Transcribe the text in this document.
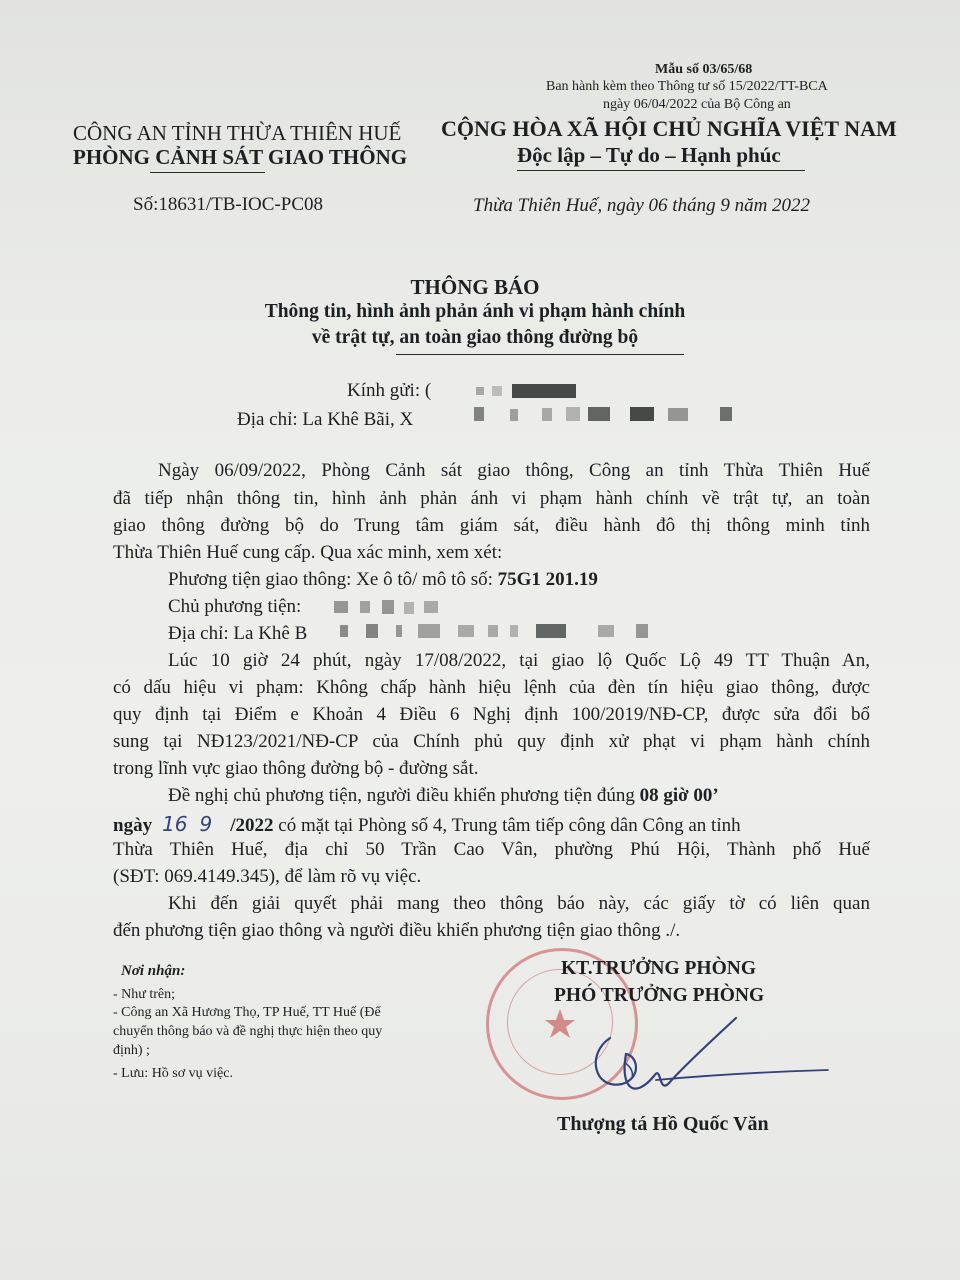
Mẫu số 03/65/68
Ban hành kèm theo Thông tư số 15/2022/TT-BCA
ngày 06/04/2022 của Bộ Công an
CÔNG AN TỈNH THỪA THIÊN HUẾ
PHÒNG CẢNH SÁT GIAO THÔNG
CỘNG HÒA XÃ HỘI CHỦ NGHĨA VIỆT NAM
Độc lập – Tự do – Hạnh phúc
Số:18631/TB-IOC-PC08	Thừa Thiên Huế, ngày 06 tháng 9 năm 2022
THÔNG BÁO
Thông tin, hình ảnh phản ánh vi phạm hành chính
về trật tự, an toàn giao thông đường bộ
Kính gửi: (
Địa chỉ: La Khê Bãi, X
Ngày 06/09/2022, Phòng Cảnh sát giao thông, Công an tỉnh Thừa Thiên Huế
đã tiếp nhận thông tin, hình ảnh phản ánh vi phạm hành chính về trật tự, an toàn
giao thông đường bộ do Trung tâm giám sát, điều hành đô thị thông minh tỉnh
Thừa Thiên Huế cung cấp. Qua xác minh, xem xét:
Phương tiện giao thông: Xe ô tô/ mô tô số: 75G1 201.19
Chủ phương tiện:
Địa chỉ: La Khê B
Lúc 10 giờ 24 phút, ngày 17/08/2022, tại giao lộ Quốc Lộ 49 TT Thuận An,
có dấu hiệu vi phạm: Không chấp hành hiệu lệnh của đèn tín hiệu giao thông, được
quy định tại Điểm e Khoản 4 Điều 6 Nghị định 100/2019/NĐ-CP, được sửa đổi bổ
sung tại NĐ123/2021/NĐ-CP của Chính phủ quy định xử phạt vi phạm hành chính
trong lĩnh vực giao thông đường bộ - đường sắt.
Đề nghị chủ phương tiện, người điều khiển phương tiện đúng 08 giờ 00’
ngày 16 9 /2022 có mặt tại Phòng số 4, Trung tâm tiếp công dân Công an tỉnh
Thừa Thiên Huế, địa chỉ 50 Trần Cao Vân, phường Phú Hội, Thành phố Huế
(SĐT: 069.4149.345), để làm rõ vụ việc.
Khi đến giải quyết phải mang theo thông báo này, các giấy tờ có liên quan
đến phương tiện giao thông và người điều khiển phương tiện giao thông ./.
Nơi nhận:
- Như trên;
- Công an Xã Hương Thọ, TP Huế, TT Huế (Để
chuyển thông báo và đề nghị thực hiện theo quy
định) ;
- Lưu: Hồ sơ vụ việc.
KT.TRƯỞNG PHÒNG
PHÓ TRƯỞNG PHÒNG
Thượng tá Hồ Quốc Văn
